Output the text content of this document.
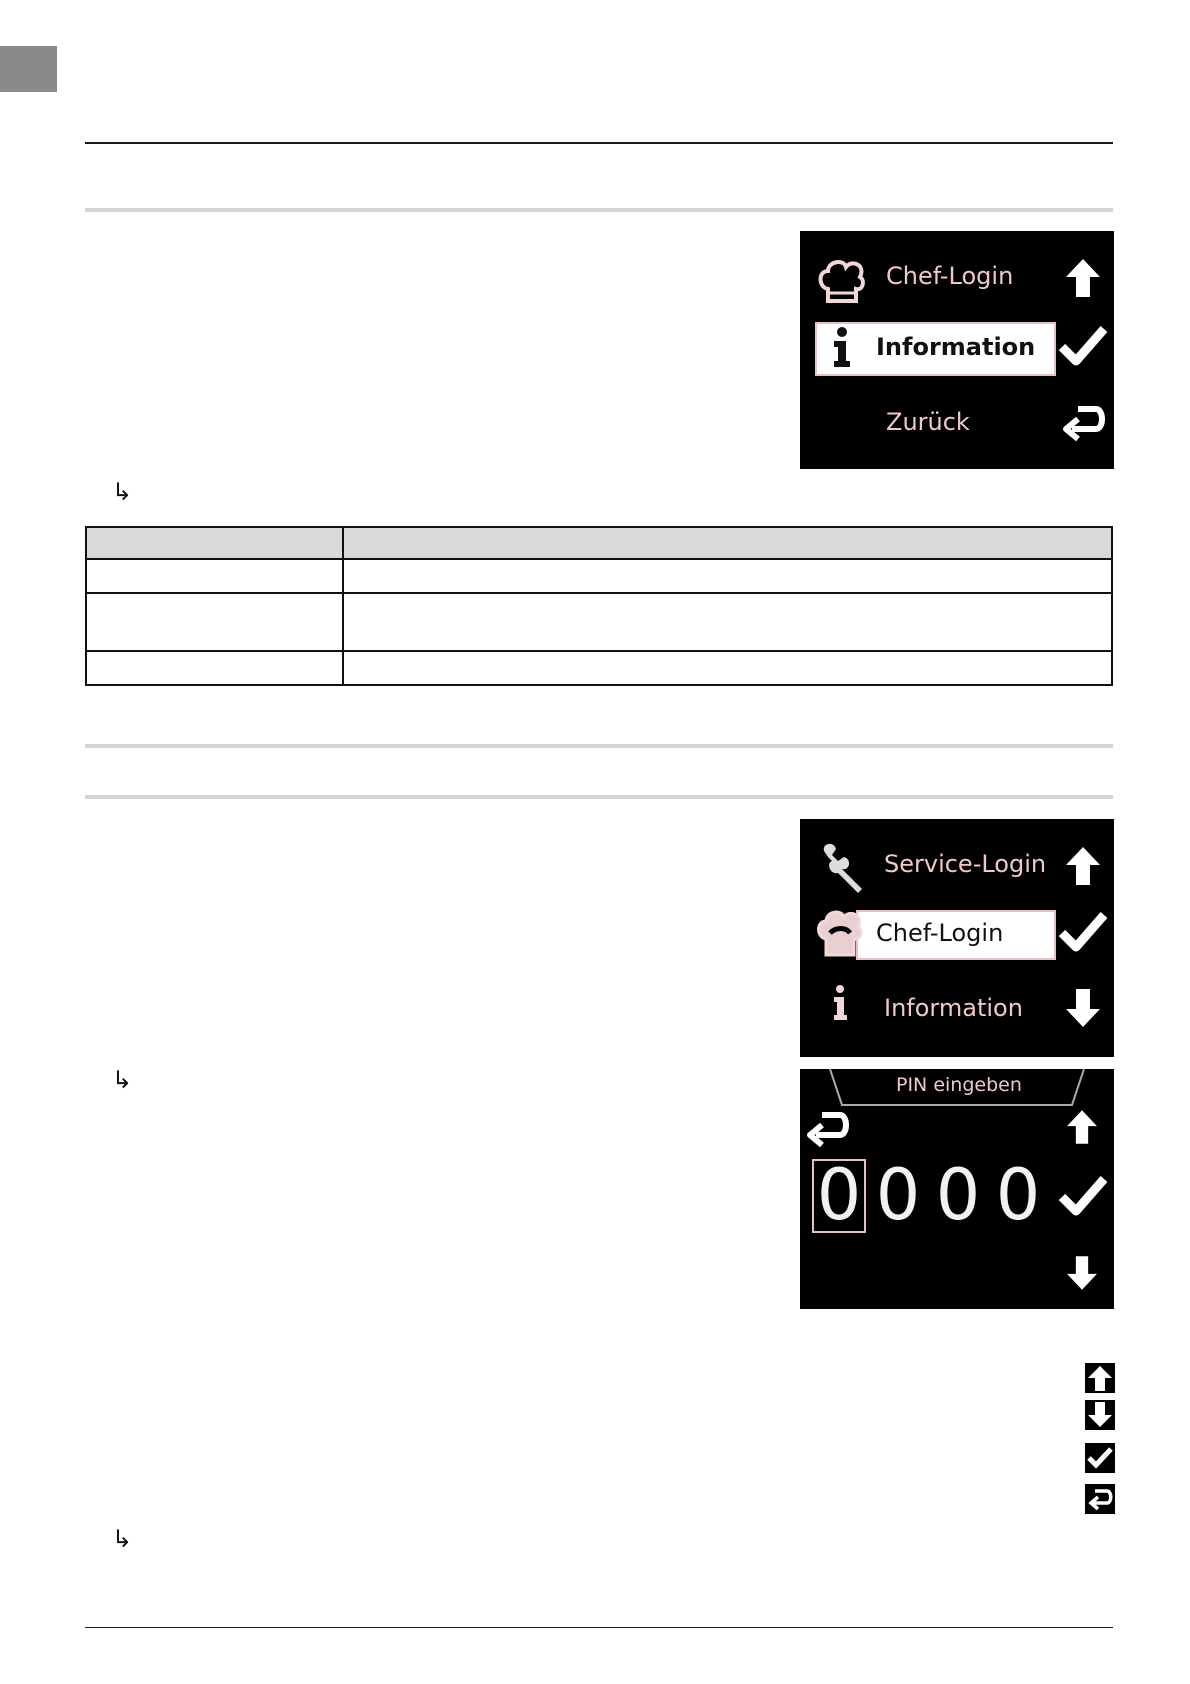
Chef-Login
Information
Zurück
↳

Service-Login
Chef-Login
Information
↳	PIN eingeben
0 0 0 0
↳
